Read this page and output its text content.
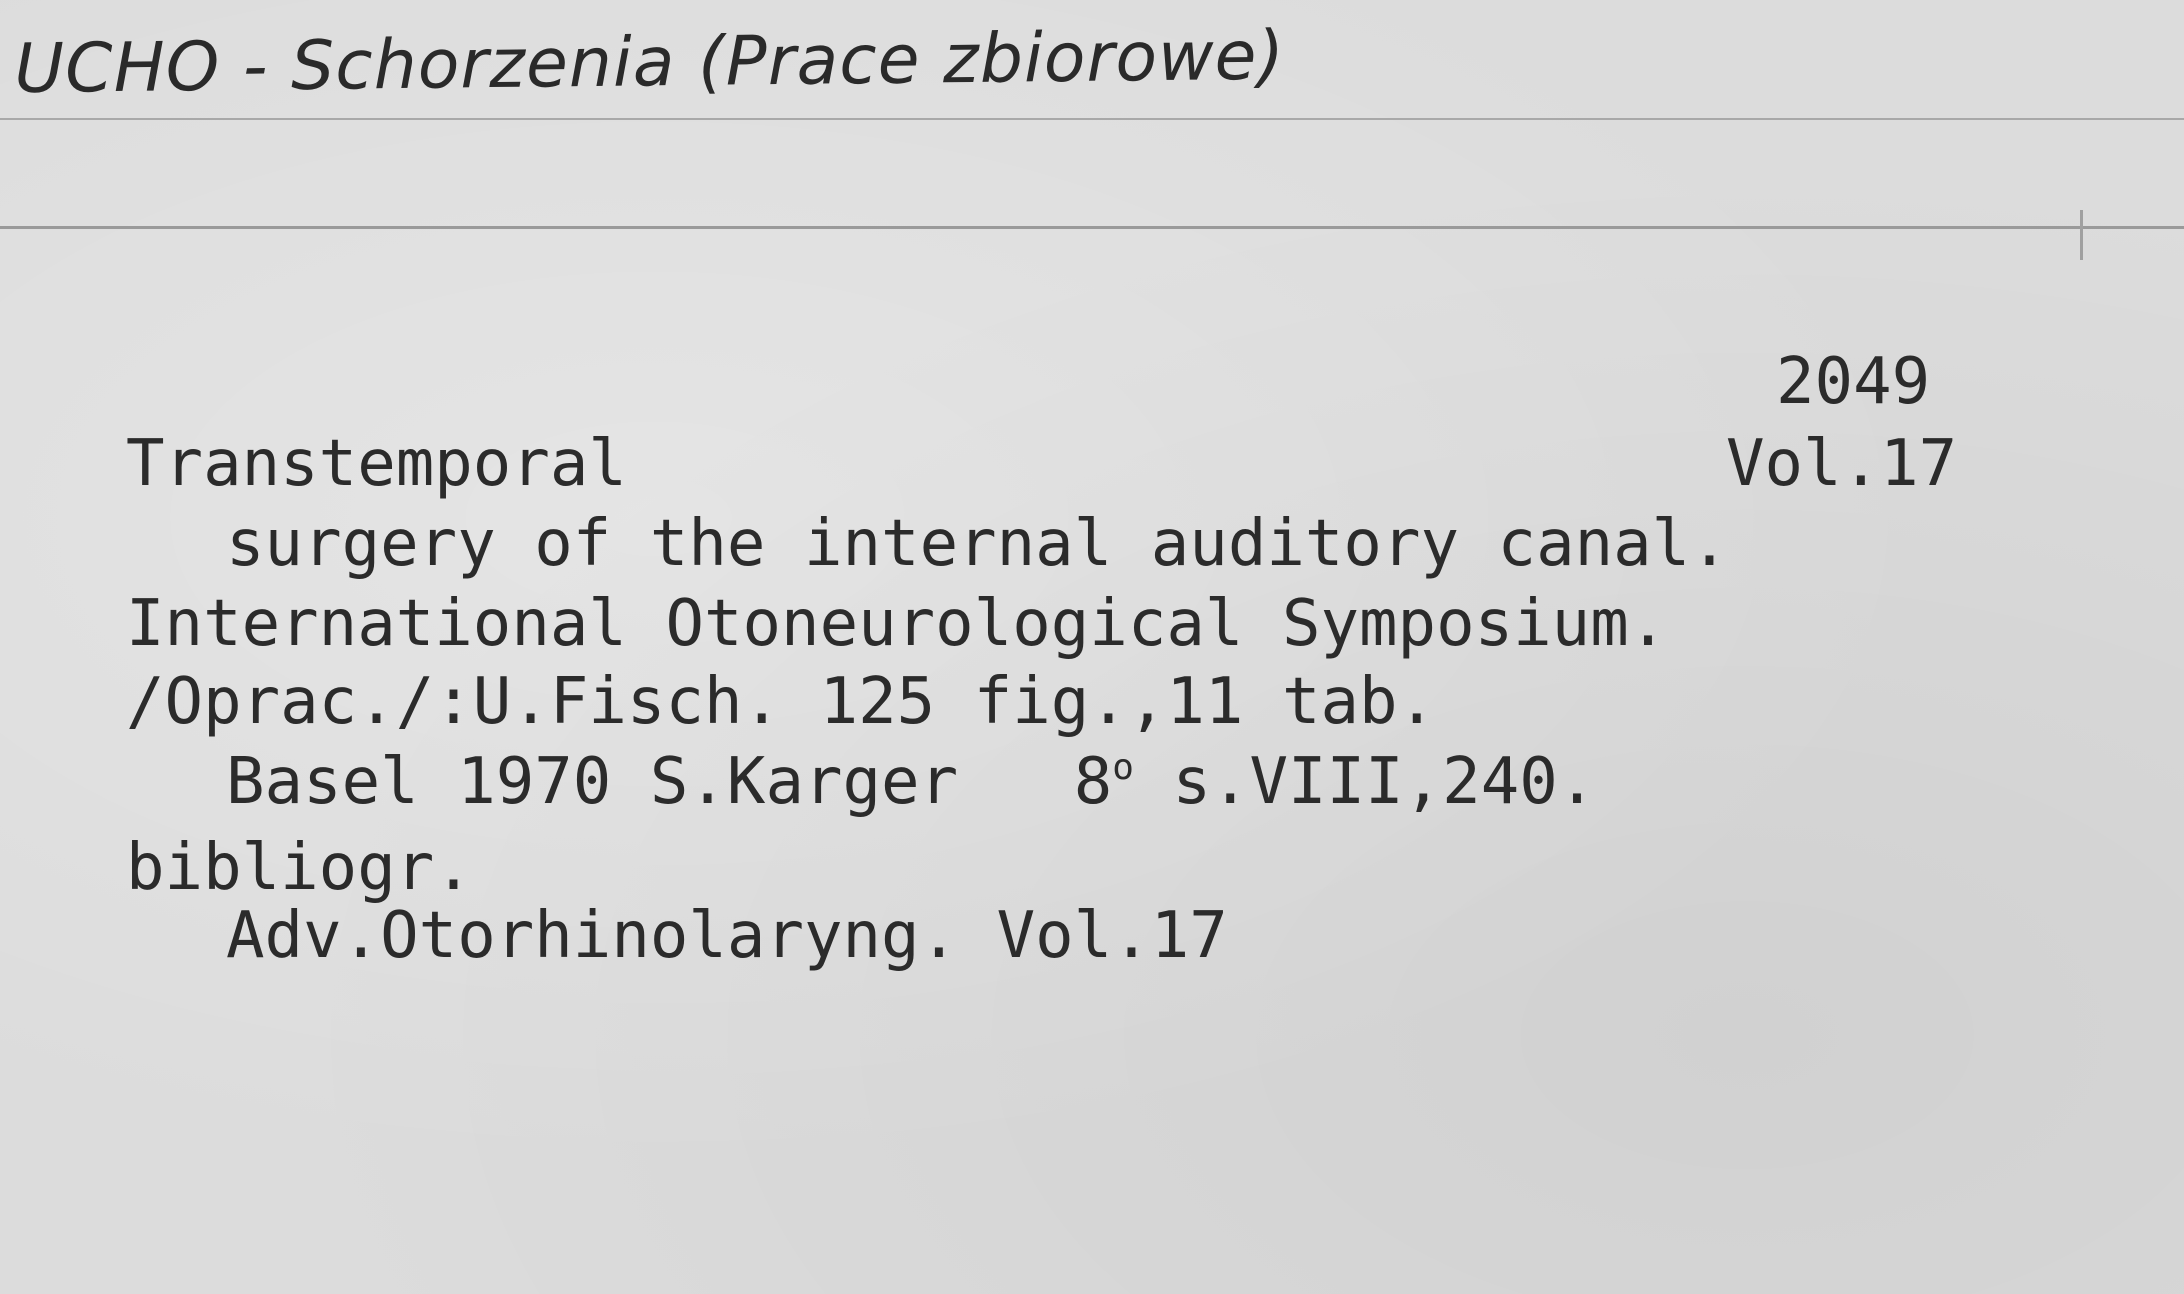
UCHO - Schorzenia (Prace zbiorowe)
2049
Vol.17
Transtemporal
surgery of the internal auditory canal.
International Otoneurological Symposium.
/Oprac./:U.Fisch. 125 fig.,11 tab.
Basel 1970 S.Karger   8$^o$ s.VIII,240.
bibliogr.
Adv.Otorhinolaryng. Vol.17
